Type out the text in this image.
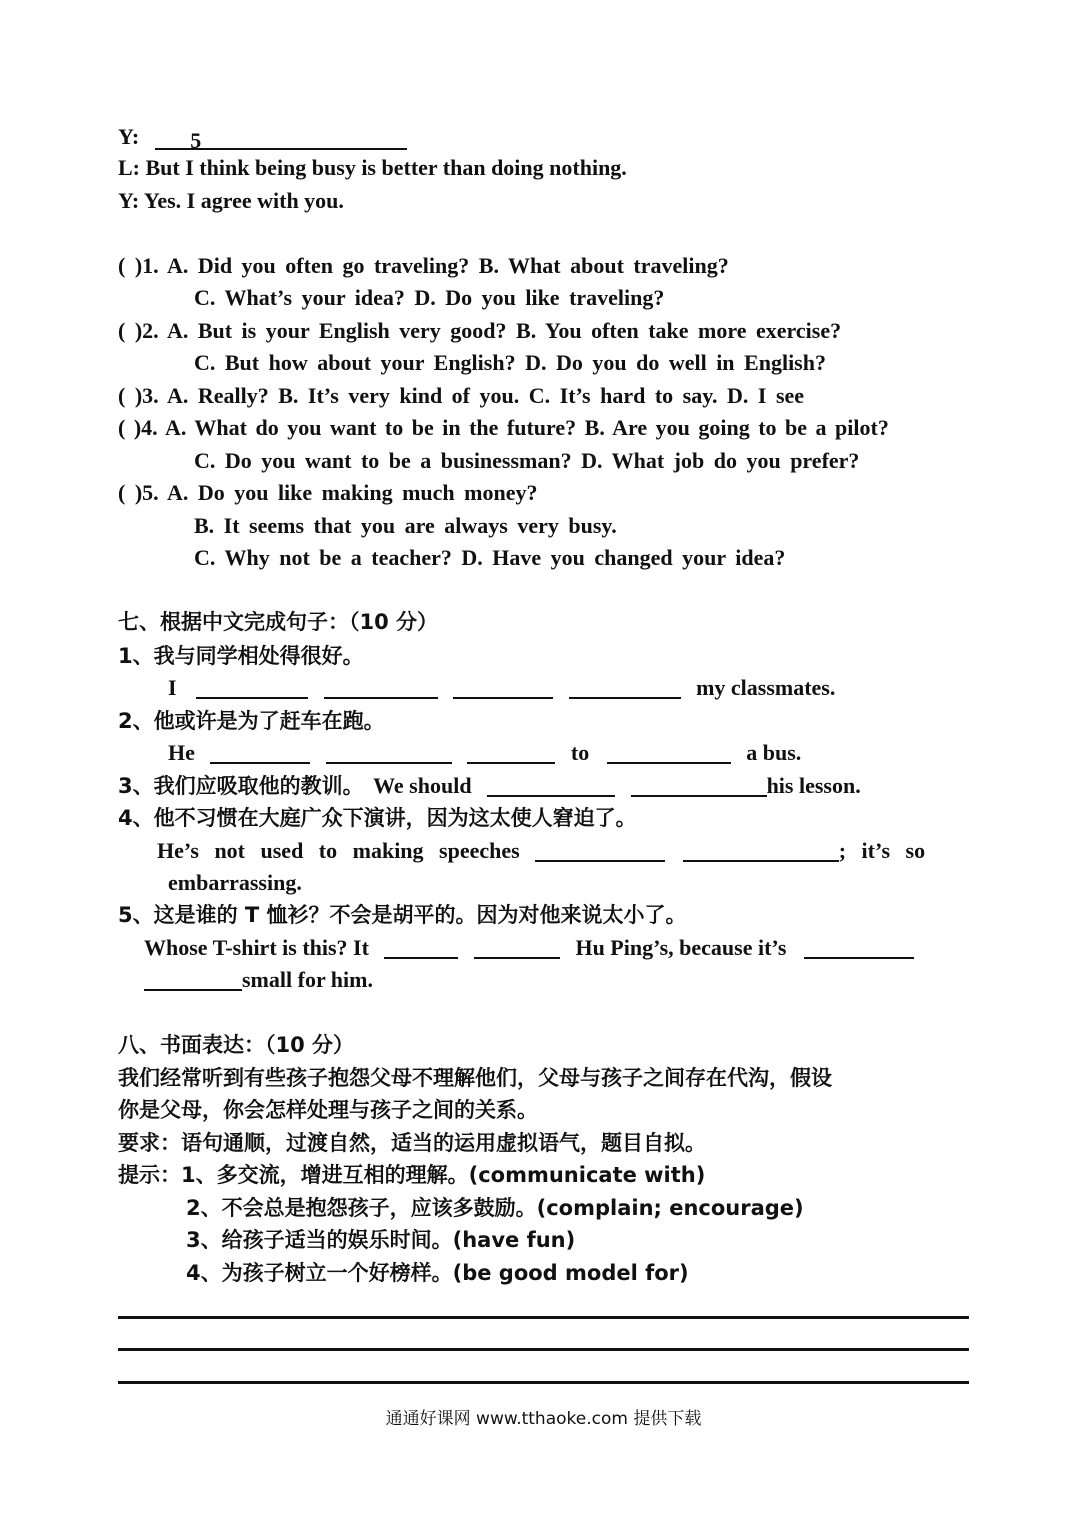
Y: 5
L: But I think being busy is better than doing nothing.
Y: Yes. I agree with you.
( )1. A. Did you often go traveling? B. What about traveling?
C. What’s your idea? D. Do you like traveling?
( )2. A. But is your English very good? B. You often take more exercise?
C. But how about your English? D. Do you do well in English?
( )3. A. Really? B. It’s very kind of you. C. It’s hard to say. D. I see
( )4. A. What do you want to be in the future? B. Are you going to be a pilot?
C. Do you want to be a businessman? D. What job do you prefer?
( )5. A. Do you like making much money?
B. It seems that you are always very busy.
C. Why not be a teacher? D. Have you changed your idea?
七、根据中文完成句子：（10 分）
1、我与同学相处得很好。
I	my classmates.
2、他或许是为了赶车在跑。
He	to	a bus.
3、我们应吸取他的教训。 We should	his lesson.
4、他不习惯在大庭广众下演讲，因为这太使人窘迫了。
He’s not used to making speeches	; it’s so
embarrassing.
5、这是谁的 T 恤衫？不会是胡平的。因为对他来说太小了。
Whose T-shirt is this? It	Hu Ping’s, because it’s
small for him.
八、书面表达：（10 分）
我们经常听到有些孩子抱怨父母不理解他们，父母与孩子之间存在代沟，假设
你是父母，你会怎样处理与孩子之间的关系。
要求：语句通顺，过渡自然，适当的运用虚拟语气，题目自拟。
提示：1、多交流，增进互相的理解。(communicate with)
2、不会总是抱怨孩子，应该多鼓励。(complain; encourage)
3、给孩子适当的娱乐时间。(have fun)
4、为孩子树立一个好榜样。(be good model for)
通通好课网 www.tthaoke.com 提供下载
